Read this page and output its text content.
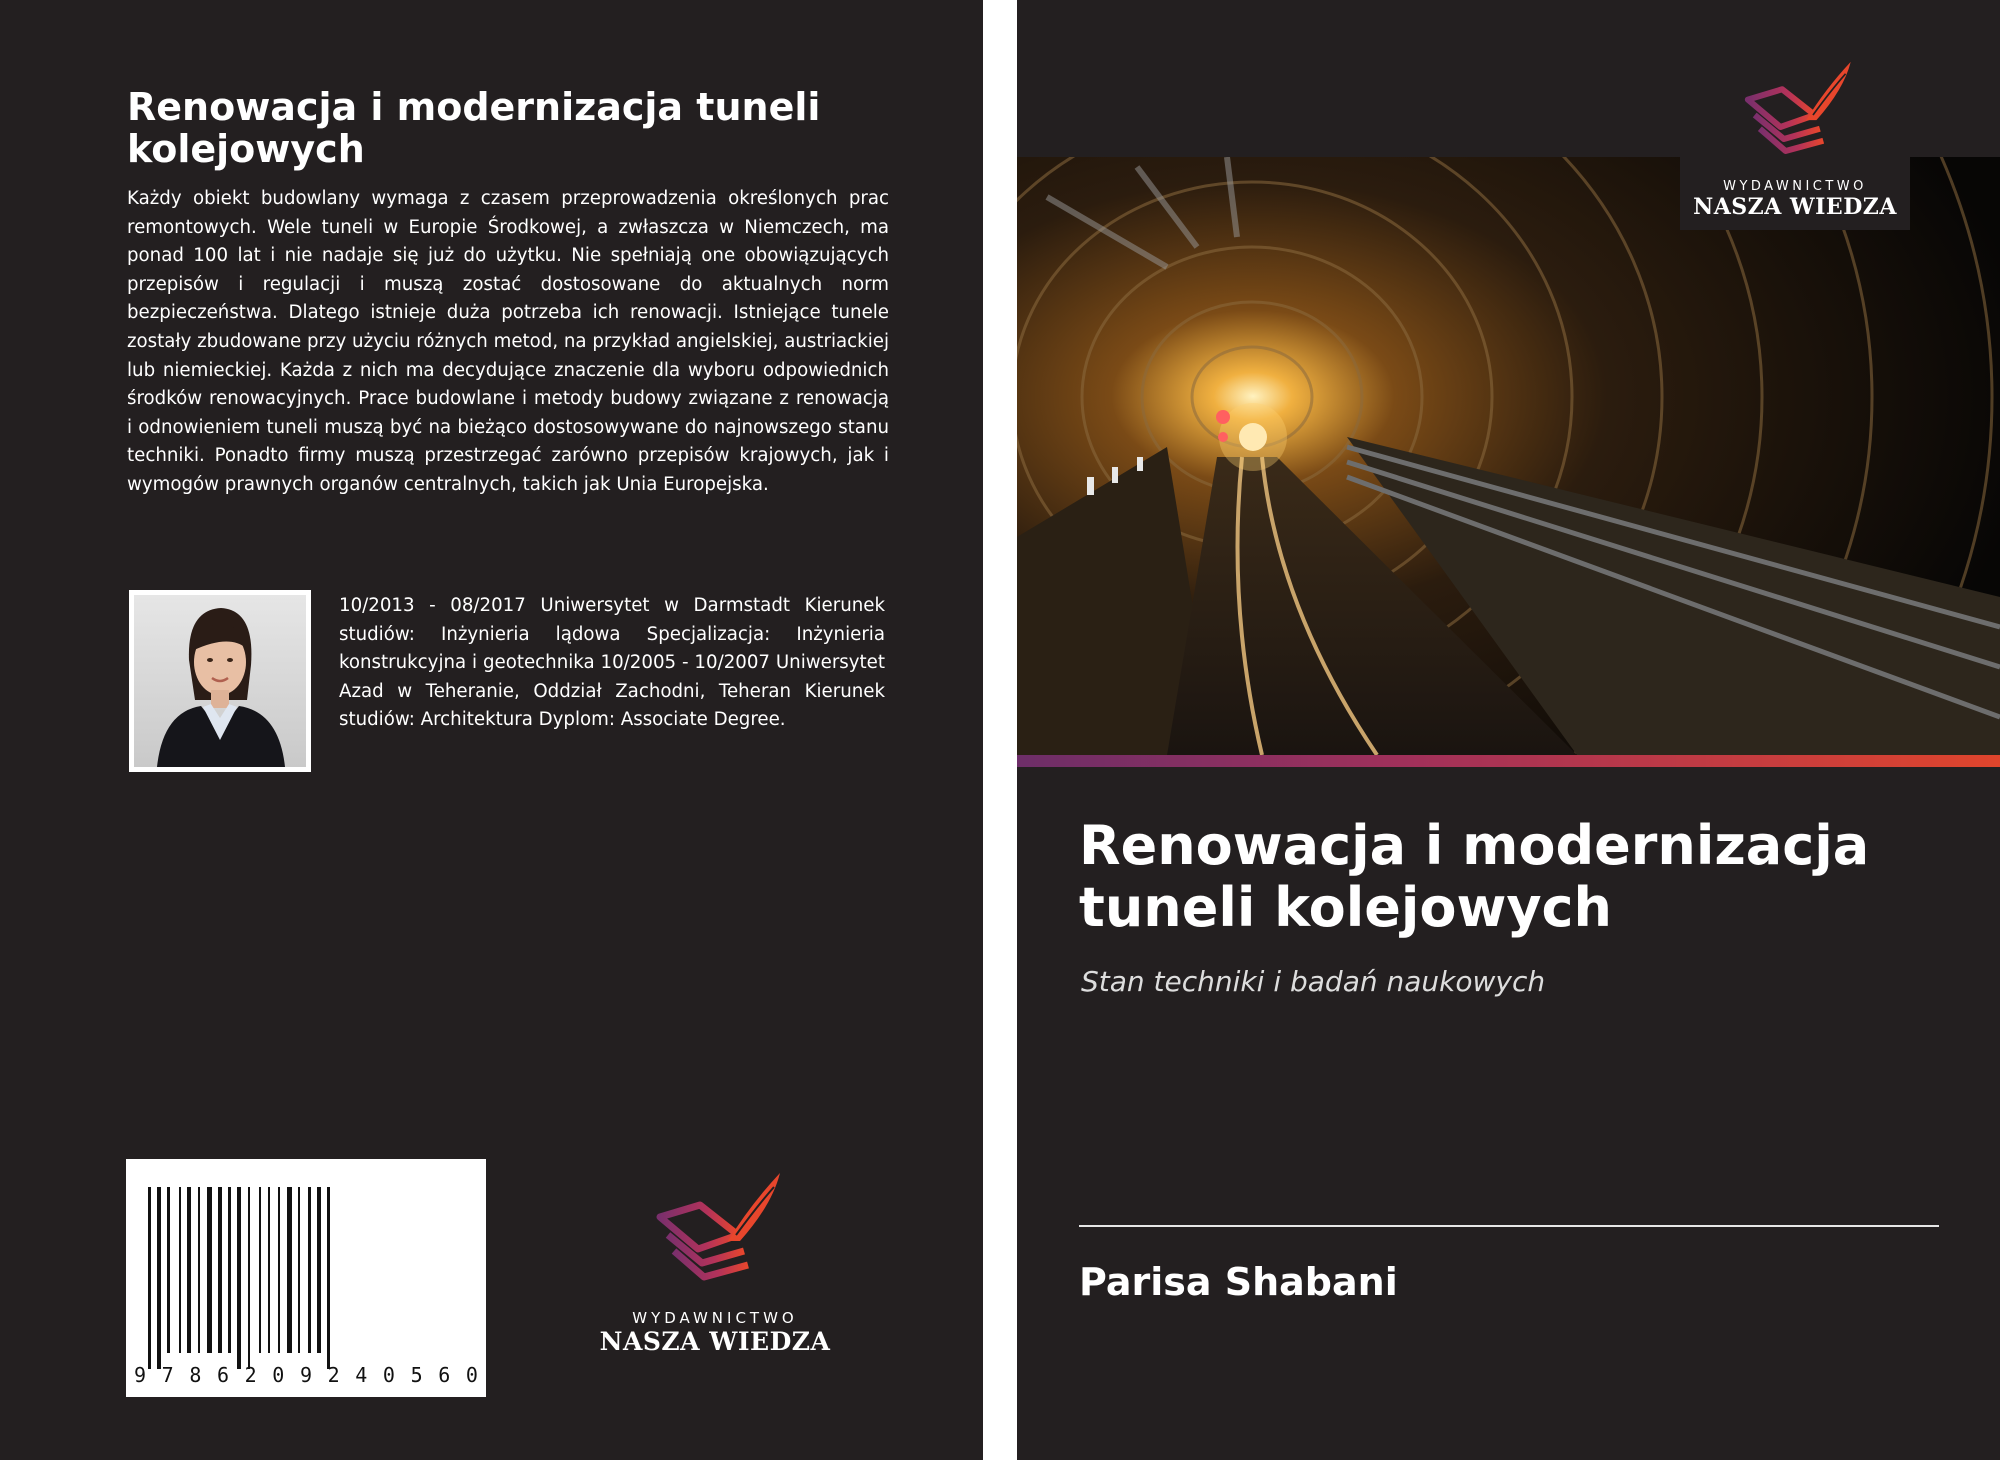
Renowacja i modernizacja tuneli kolejowych

Każdy obiekt budowlany wymaga z czasem przeprowadzenia określonych prac remontowych. Wele tuneli w Europie Środkowej, a zwłaszcza w Niemczech, ma ponad 100 lat i nie nadaje się już do użytku. Nie spełniają one obowiązujących przepisów i regulacji i muszą zostać dostosowane do aktualnych norm bezpieczeństwa. Dlatego istnieje duża potrzeba ich renowacji. Istniejące tunele zostały zbudowane przy użyciu różnych metod, na przykład angielskiej, austriackiej lub niemieckiej. Każda z nich ma decydujące znaczenie dla wyboru odpowiednich środków renowacyjnych. Prace budowlane i metody budowy związane z renowacją i odnowieniem tuneli muszą być na bieżąco dostosowywane do najnowszego stanu techniki. Ponadto firmy muszą przestrzegać zarówno przepisów krajowych, jak i wymogów prawnych organów centralnych, takich jak Unia Europejska.

10/2013 - 08/2017 Uniwersytet w Darmstadt Kierunek studiów: Inżynieria lądowa Specjalizacja: Inżynieria konstrukcyjna i geotechnika 10/2005 - 10/2007 Uniwersytet Azad w Teheranie, Oddział Zachodni, Teheran Kierunek studiów: Architektura Dyplom: Associate Degree.

9 7 8 6 2 0 9 2 4 0 5 6 0
WYDAWNICTWO
NASZA WIEDZA
WYDAWNICTWO
NASZA WIEDZA
Renowacja i modernizacja tuneli kolejowych

Stan techniki i badań naukowych

Parisa Shabani
